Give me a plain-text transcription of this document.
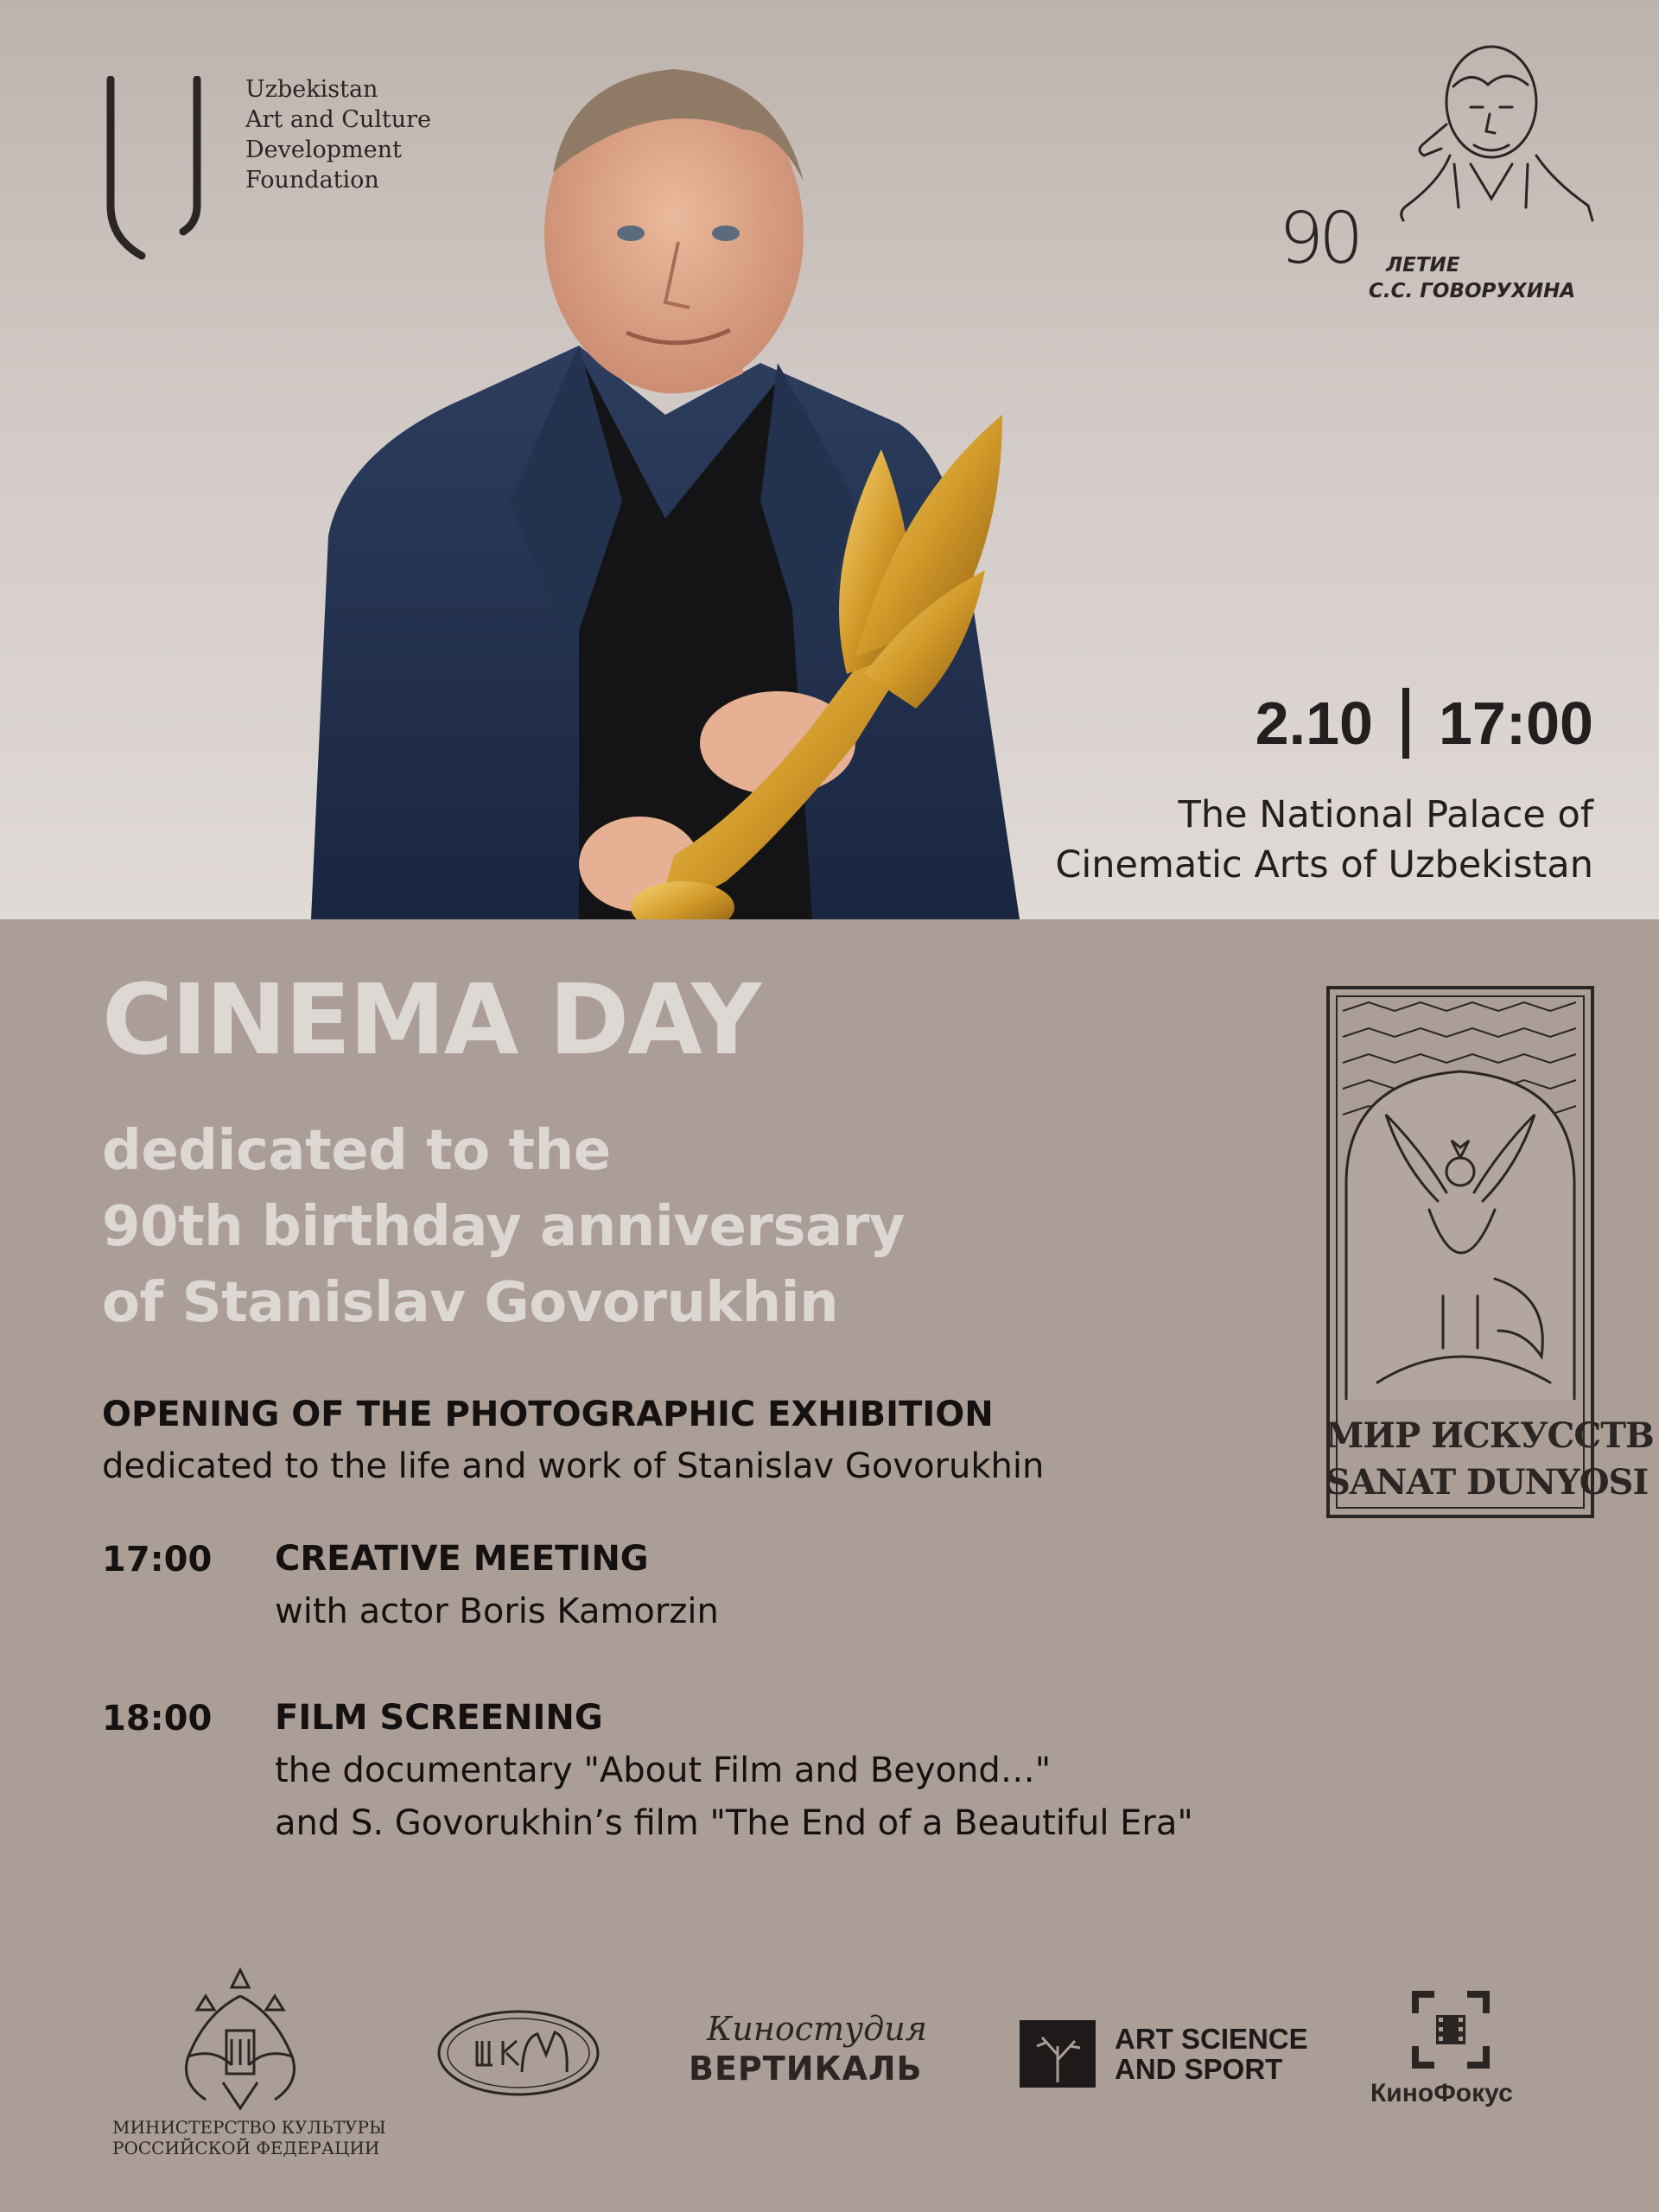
Uzbekistan
Art and Culture
Development
Foundation
90 ЛЕТИЕ
С.С. ГОВОРУХИНА
2.10 17:00
The National Palace of
Cinematic Arts of Uzbekistan
CINEMA DAY
dedicated to the
90th birthday anniversary
of Stanislav Govorukhin
OPENING OF THE PHOTOGRAPHIC EXHIBITION
dedicated to the life and work of Stanislav Govorukhin
17:00 CREATIVE MEETING
with actor Boris Kamorzin
18:00 FILM SCREENING
the documentary "About Film and Beyond…"
and S. Govorukhin’s film "The End of a Beautiful Era"
МИР ИСКУССТВ
SANAT DUNYOSI
МИНИСТЕРСТВО КУЛЬТУРЫ
РОССИЙСКОЙ ФЕДЕРАЦИИ
Киностудия
ВЕРТИКАЛЬ
ART SCIENCE
AND SPORT
КиноФокус
